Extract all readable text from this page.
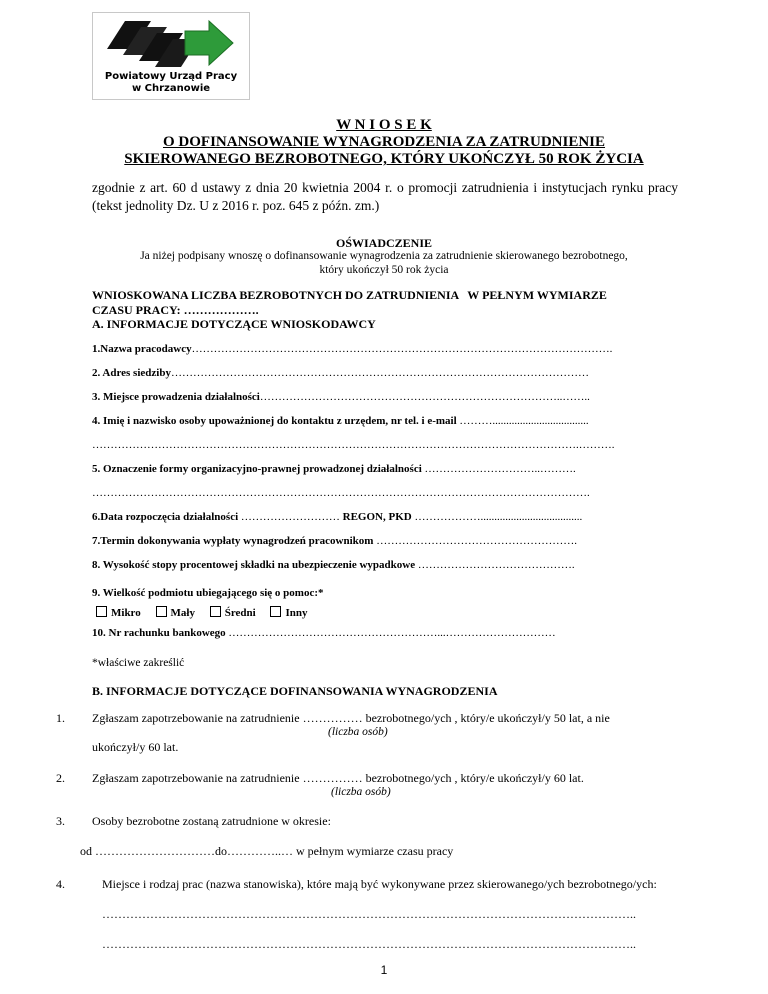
Powiatowy Urząd Pracy
w Chrzanowie
W N I O S E K
O DOFINANSOWANIE WYNAGRODZENIA ZA ZATRUDNIENIE
SKIEROWANEGO BEZROBOTNEGO, KTÓRY UKOŃCZYŁ 50 ROK ŻYCIA
zgodnie z art. 60 d ustawy z dnia 20 kwietnia 2004 r. o promocji zatrudnienia i instytucjach rynku pracy (tekst jednolity Dz. U z 2016 r. poz. 645 z późn. zm.)
OŚWIADCZENIE
Ja niżej podpisany wnoszę o dofinansowanie wynagrodzenia za zatrudnienie skierowanego bezrobotnego,
który ukończył 50 rok życia
WNIOSKOWANA LICZBA BEZROBOTNYCH DO ZATRUDNIENIA   W PEŁNYM WYMIARZE
CZASU PRACY: ……………….
A. INFORMACJE DOTYCZĄCE WNIOSKODAWCY
1.Nazwa pracodawcy…………………………………………………………………………………………………….
2. Adres siedziby……………………………………………………………………………………………………
3. Miejsce prowadzenia działalności………………………………………………………………………..……..
4. Imię i nazwisko osoby upoważnionej do kontaktu z urzędem, nr tel. i e-mail ………...................................
…………………………………………………………………………………………………………………….……….
5. Oznaczenie formy organizacyjno-prawnej prowadzonej działalności …………………………..……….
……………………………………………………………………………………………………………………….
6.Data rozpoczęcia działalności ……………………… REGON, PKD ……………….....................................
7.Termin dokonywania wypłaty wynagrodzeń pracownikom ……………………………………………….
8. Wysokość stopy procentowej składki na ubezpieczenie wypadkowe …………………………………….
9. Wielkość podmiotu ubiegającego się o pomoc:*
Mikro	Mały	Średni	Inny
10. Nr rachunku bankowego …………………………………………………...…………………………
*właściwe zakreślić
B. INFORMACJE DOTYCZĄCE DOFINANSOWANIA WYNAGRODZENIA
1. Zgłaszam zapotrzebowanie na zatrudnienie …………… bezrobotnego/ych , który/e ukończył/y 50 lat, a nie
(liczba osób)
ukończył/y 60 lat.
2. Zgłaszam zapotrzebowanie na zatrudnienie …………… bezrobotnego/ych , który/e ukończył/y 60 lat.
(liczba osób)
3. Osoby bezrobotne zostaną zatrudnione w okresie:
od …………………………do…………..… w pełnym wymiarze czasu pracy
4.	Miejsce i rodzaj prac (nazwa stanowiska), które mają być wykonywane przez skierowanego/ych bezrobotnego/ych:
……………………………………………………………………………………………………………………..
……………………………………………………………………………………………………………………..
1
